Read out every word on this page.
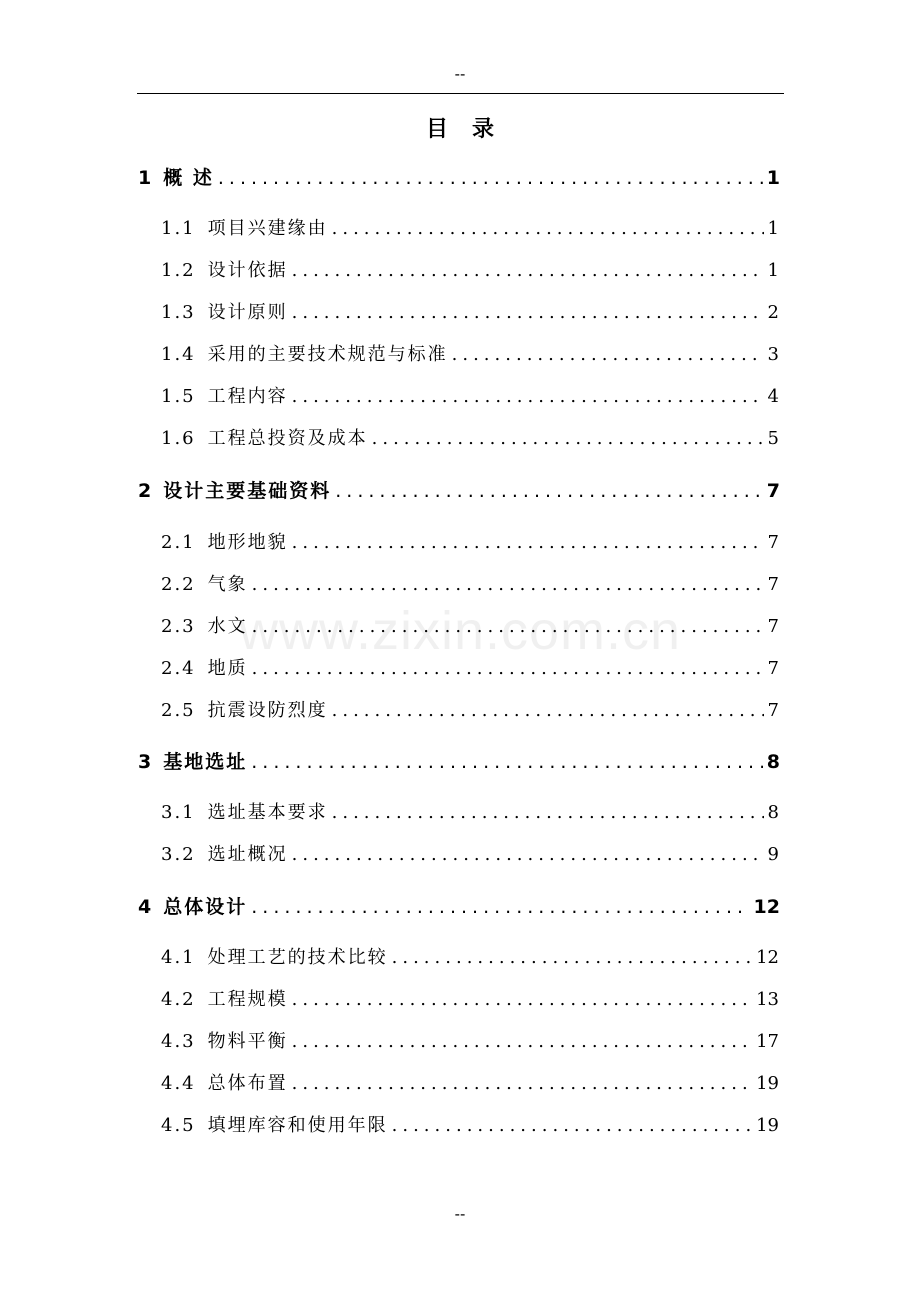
--
目录
www.zixin.com.cn
1 概 述 .....	1
1.1 项目兴建缘由 .....	1
1.2 设计依据 .....	1
1.3 设计原则 .....	2
1.4 采用的主要技术规范与标准 .....	3
1.5 工程内容 .....	4
1.6 工程总投资及成本 .....	5
2 设计主要基础资料 .....	7
2.1 地形地貌 .....	7
2.2 气象 .....	7
2.3 水文 .....	7
2.4 地质 .....	7
2.5 抗震设防烈度 .....	7
3 基地选址 .....	8
3.1 选址基本要求 .....	8
3.2 选址概况 .....	9
4 总体设计 .....	12
4.1 处理工艺的技术比较 .....	12
4.2 工程规模 .....	13
4.3 物料平衡 .....	17
4.4 总体布置 .....	19
4.5 填埋库容和使用年限 .....	19
--
